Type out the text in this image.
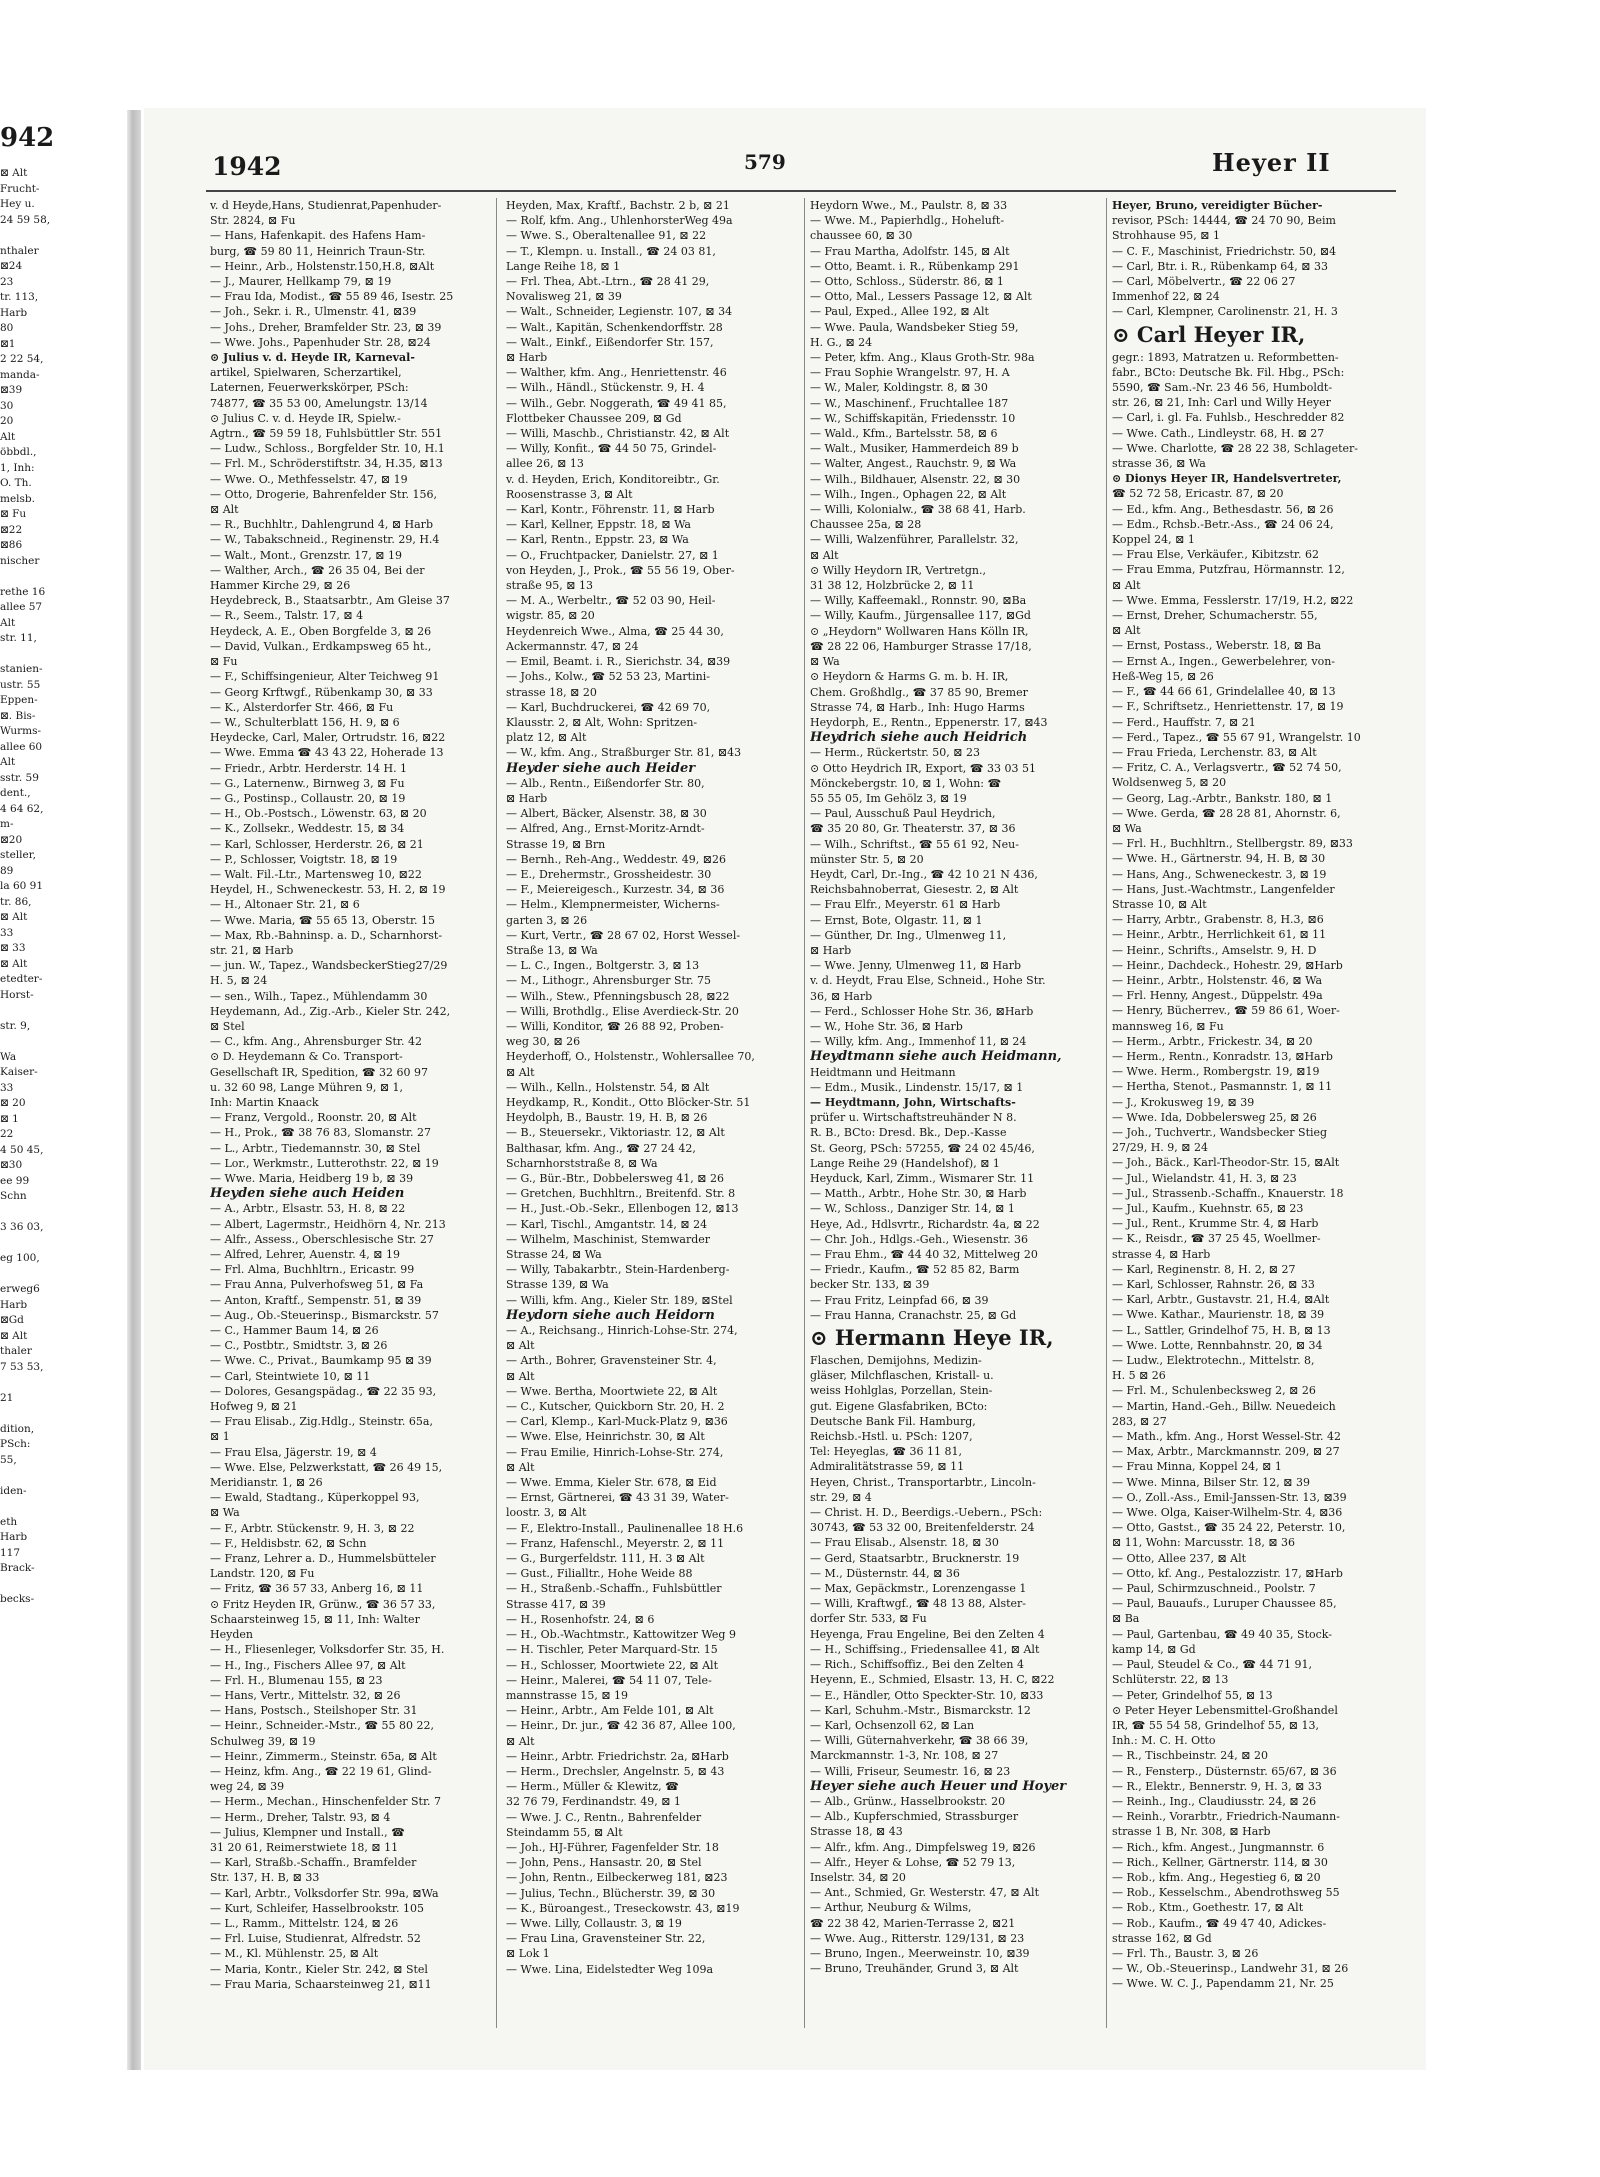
942
⊠ Alt
Frucht-
Hey u.
24 59 58,
nthaler
⊠24
23
tr. 113,
Harb
80
⊠1
2 22 54,
manda-
⊠39
30
20
Alt
öbbdl.,
1, Inh:
O. Th.
melsb.
⊠ Fu
⊠22
⊠86
nischer
rethe 16
allee 57
Alt
str. 11,
stanien-
ustr. 55
Eppen-
⊠. Bis-
Wurms-
allee 60
Alt
sstr. 59
dent.,
4 64 62,
m-
⊠20
steller,
89
la 60 91
tr. 86,
⊠ Alt
33
⊠ 33
⊠ Alt
etedter-
Horst-
str. 9,
Wa
Kaiser-
33
⊠ 20
⊠ 1
22
4 50 45,
⊠30
ee 99
Schn
3 36 03,
eg 100,
erweg6
Harb
⊠Gd
⊠ Alt
thaler
7 53 53,
21
dition,
PSch:
55,
iden-
eth
Harb
117
Brack-
becks-
1942	579	Heyer II
v. d Heyde,Hans, Studienrat,Papenhuder-
Str. 2824, ⊠ Fu
— Hans, Hafenkapit. des Hafens Ham-
burg, ☎ 59 80 11, Heinrich Traun-Str.
— Heinr., Arb., Holstenstr.150,H.8, ⊠Alt
— J., Maurer, Hellkamp 79, ⊠ 19
— Frau Ida, Modist., ☎ 55 89 46, Isestr. 25
— Joh., Sekr. i. R., Ulmenstr. 41, ⊠39
— Johs., Dreher, Bramfelder Str. 23, ⊠ 39
— Wwe. Johs., Papenhuder Str. 28, ⊠24
⊙ Julius v. d. Heyde IR, Karneval-
artikel, Spielwaren, Scherzartikel,
Laternen, Feuerwerkskörper, PSch:
74877, ☎ 35 53 00, Amelungstr. 13/14
⊙ Julius C. v. d. Heyde IR, Spielw.-
Agtrn., ☎ 59 59 18, Fuhlsbüttler Str. 551
— Ludw., Schloss., Borgfelder Str. 10, H.1
— Frl. M., Schröderstiftstr. 34, H.35, ⊠13
— Wwe. O., Methfesselstr. 47, ⊠ 19
— Otto, Drogerie, Bahrenfelder Str. 156,
⊠ Alt
— R., Buchhltr., Dahlengrund 4, ⊠ Harb
— W., Tabakschneid., Reginenstr. 29, H.4
— Walt., Mont., Grenzstr. 17, ⊠ 19
— Walther, Arch., ☎ 26 35 04, Bei der
Hammer Kirche 29, ⊠ 26
Heydebreck, B., Staatsarbtr., Am Gleise 37
— R., Seem., Talstr. 17, ⊠ 4
Heydeck, A. E., Oben Borgfelde 3, ⊠ 26
— David, Vulkan., Erdkampsweg 65 ht.,
⊠ Fu
— F., Schiffsingenieur, Alter Teichweg 91
— Georg Krftwgf., Rübenkamp 30, ⊠ 33
— K., Alsterdorfer Str. 466, ⊠ Fu
— W., Schulterblatt 156, H. 9, ⊠ 6
Heydecke, Carl, Maler, Ortrudstr. 16, ⊠22
— Wwe. Emma ☎ 43 43 22, Hoherade 13
— Friedr., Arbtr. Herderstr. 14 H. 1
— G., Laternenw., Birnweg 3, ⊠ Fu
— G., Postinsp., Collaustr. 20, ⊠ 19
— H., Ob.-Postsch., Löwenstr. 63, ⊠ 20
— K., Zollsekr., Weddestr. 15, ⊠ 34
— Karl, Schlosser, Herderstr. 26, ⊠ 21
— P., Schlosser, Voigtstr. 18, ⊠ 19
— Walt. Fil.-Ltr., Martensweg 10, ⊠22
Heydel, H., Schweneckestr. 53, H. 2, ⊠ 19
— H., Altonaer Str. 21, ⊠ 6
— Wwe. Maria, ☎ 55 65 13, Oberstr. 15
— Max, Rb.-Bahninsp. a. D., Scharnhorst-
str. 21, ⊠ Harb
— jun. W., Tapez., WandsbeckerStieg27/29
H. 5, ⊠ 24
— sen., Wilh., Tapez., Mühlendamm 30
Heydemann, Ad., Zig.-Arb., Kieler Str. 242,
⊠ Stel
— C., kfm. Ang., Ahrensburger Str. 42
⊙ D. Heydemann & Co. Transport-
Gesellschaft IR, Spedition, ☎ 32 60 97
u. 32 60 98, Lange Mühren 9, ⊠ 1,
Inh: Martin Knaack
— Franz, Vergold., Roonstr. 20, ⊠ Alt
— H., Prok., ☎ 38 76 83, Slomanstr. 27
— L., Arbtr., Tiedemannstr. 30, ⊠ Stel
— Lor., Werkmstr., Lutterothstr. 22, ⊠ 19
— Wwe. Maria, Heidberg 19 b, ⊠ 39
Heyden siehe auch Heiden
— A., Arbtr., Elsastr. 53, H. 8, ⊠ 22
— Albert, Lagermstr., Heidhörn 4, Nr. 213
— Alfr., Assess., Oberschlesische Str. 27
— Alfred, Lehrer, Auenstr. 4, ⊠ 19
— Frl. Alma, Buchhltrn., Ericastr. 99
— Frau Anna, Pulverhofsweg 51, ⊠ Fa
— Anton, Kraftf., Sempenstr. 51, ⊠ 39
— Aug., Ob.-Steuerinsp., Bismarckstr. 57
— C., Hammer Baum 14, ⊠ 26
— C., Postbtr., Smidtstr. 3, ⊠ 26
— Wwe. C., Privat., Baumkamp 95 ⊠ 39
— Carl, Steintwiete 10, ⊠ 11
— Dolores, Gesangspädag., ☎ 22 35 93,
Hofweg 9, ⊠ 21
— Frau Elisab., Zig.Hdlg., Steinstr. 65a,
⊠ 1
— Frau Elsa, Jägerstr. 19, ⊠ 4
— Wwe. Else, Pelzwerkstatt, ☎ 26 49 15,
Meridianstr. 1, ⊠ 26
— Ewald, Stadtang., Küperkoppel 93,
⊠ Wa
— F., Arbtr. Stückenstr. 9, H. 3, ⊠ 22
— F., Heldisbstr. 62, ⊠ Schn
— Franz, Lehrer a. D., Hummelsbütteler
Landstr. 120, ⊠ Fu
— Fritz, ☎ 36 57 33, Anberg 16, ⊠ 11
⊙ Fritz Heyden IR, Grünw., ☎ 36 57 33,
Schaarsteinweg 15, ⊠ 11, Inh: Walter
Heyden
— H., Fliesenleger, Volksdorfer Str. 35, H.
— H., Ing., Fischers Allee 97, ⊠ Alt
— Frl. H., Blumenau 155, ⊠ 23
— Hans, Vertr., Mittelstr. 32, ⊠ 26
— Hans, Postsch., Steilshoper Str. 31
— Heinr., Schneider.-Mstr., ☎ 55 80 22,
Schulweg 39, ⊠ 19
— Heinr., Zimmerm., Steinstr. 65a, ⊠ Alt
— Heinz, kfm. Ang., ☎ 22 19 61, Glind-
weg 24, ⊠ 39
— Herm., Mechan., Hinschenfelder Str. 7
— Herm., Dreher, Talstr. 93, ⊠ 4
— Julius, Klempner und Install., ☎
31 20 61, Reimerstwiete 18, ⊠ 11
— Karl, Straßb.-Schaffn., Bramfelder
Str. 137, H. B, ⊠ 33
— Karl, Arbtr., Volksdorfer Str. 99a, ⊠Wa
— Kurt, Schleifer, Hasselbrookstr. 105
— L., Ramm., Mittelstr. 124, ⊠ 26
— Frl. Luise, Studienrat, Alfredstr. 52
— M., Kl. Mühlenstr. 25, ⊠ Alt
— Maria, Kontr., Kieler Str. 242, ⊠ Stel
— Frau Maria, Schaarsteinweg 21, ⊠11
Heyden, Max, Kraftf., Bachstr. 2 b, ⊠ 21
— Rolf, kfm. Ang., UhlenhorsterWeg 49a
— Wwe. S., Oberaltenallee 91, ⊠ 22
— T., Klempn. u. Install., ☎ 24 03 81,
Lange Reihe 18, ⊠ 1
— Frl. Thea, Abt.-Ltrn., ☎ 28 41 29,
Novalisweg 21, ⊠ 39
— Walt., Schneider, Legienstr. 107, ⊠ 34
— Walt., Kapitän, Schenkendorffstr. 28
— Walt., Einkf., Eißendorfer Str. 157,
⊠ Harb
— Walther, kfm. Ang., Henriettenstr. 46
— Wilh., Händl., Stückenstr. 9, H. 4
— Wilh., Gebr. Noggerath, ☎ 49 41 85,
Flottbeker Chaussee 209, ⊠ Gd
— Willi, Maschb., Christianstr. 42, ⊠ Alt
— Willy, Konfit., ☎ 44 50 75, Grindel-
allee 26, ⊠ 13
v. d. Heyden, Erich, Konditoreibtr., Gr.
Roosenstrasse 3, ⊠ Alt
— Karl, Kontr., Föhrenstr. 11, ⊠ Harb
— Karl, Kellner, Eppstr. 18, ⊠ Wa
— Karl, Rentn., Eppstr. 23, ⊠ Wa
— O., Fruchtpacker, Danielstr. 27, ⊠ 1
von Heyden, J., Prok., ☎ 55 56 19, Ober-
straße 95, ⊠ 13
— M. A., Werbeltr., ☎ 52 03 90, Heil-
wigstr. 85, ⊠ 20
Heydenreich Wwe., Alma, ☎ 25 44 30,
Ackermannstr. 47, ⊠ 24
— Emil, Beamt. i. R., Sierichstr. 34, ⊠39
— Johs., Kolw., ☎ 52 53 23, Martini-
strasse 18, ⊠ 20
— Karl, Buchdruckerei, ☎ 42 69 70,
Klausstr. 2, ⊠ Alt, Wohn: Spritzen-
platz 12, ⊠ Alt
— W., kfm. Ang., Straßburger Str. 81, ⊠43
Heyder siehe auch Heider
— Alb., Rentn., Eißendorfer Str. 80,
⊠ Harb
— Albert, Bäcker, Alsenstr. 38, ⊠ 30
— Alfred, Ang., Ernst-Moritz-Arndt-
Strasse 19, ⊠ Brn
— Bernh., Reh-Ang., Weddestr. 49, ⊠26
— E., Drehermstr., Grossheidestr. 30
— F., Meiereigesch., Kurzestr. 34, ⊠ 36
— Helm., Klempnermeister, Wicherns-
garten 3, ⊠ 26
— Kurt, Vertr., ☎ 28 67 02, Horst Wessel-
Straße 13, ⊠ Wa
— L. C., Ingen., Boltgerstr. 3, ⊠ 13
— M., Lithogr., Ahrensburger Str. 75
— Wilh., Stew., Pfenningsbusch 28, ⊠22
— Willi, Brothdlg., Elise Averdieck-Str. 20
— Willi, Konditor, ☎ 26 88 92, Proben-
weg 30, ⊠ 26
Heyderhoff, O., Holstenstr., Wohlersallee 70,
⊠ Alt
— Wilh., Kelln., Holstenstr. 54, ⊠ Alt
Heydkamp, R., Kondit., Otto Blöcker-Str. 51
Heydolph, B., Baustr. 19, H. B, ⊠ 26
— B., Steuersekr., Viktoriastr. 12, ⊠ Alt
Balthasar, kfm. Ang., ☎ 27 24 42,
Scharnhorststraße 8, ⊠ Wa
— G., Bür.-Btr., Dobbelersweg 41, ⊠ 26
— Gretchen, Buchhltrn., Breitenfd. Str. 8
— H., Just.-Ob.-Sekr., Ellenbogen 12, ⊠13
— Karl, Tischl., Amgantstr. 14, ⊠ 24
— Wilhelm, Maschinist, Stemwarder
Strasse 24, ⊠ Wa
— Willy, Tabakarbtr., Stein-Hardenberg-
Strasse 139, ⊠ Wa
— Willi, kfm. Ang., Kieler Str. 189, ⊠Stel
Heydorn siehe auch Heidorn
— A., Reichsang., Hinrich-Lohse-Str. 274,
⊠ Alt
— Arth., Bohrer, Gravensteiner Str. 4,
⊠ Alt
— Wwe. Bertha, Moortwiete 22, ⊠ Alt
— C., Kutscher, Quickborn Str. 20, H. 2
— Carl, Klemp., Karl-Muck-Platz 9, ⊠36
— Wwe. Else, Heinrichstr. 30, ⊠ Alt
— Frau Emilie, Hinrich-Lohse-Str. 274,
⊠ Alt
— Wwe. Emma, Kieler Str. 678, ⊠ Eid
— Ernst, Gärtnerei, ☎ 43 31 39, Water-
loostr. 3, ⊠ Alt
— F., Elektro-Install., Paulinenallee 18 H.6
— Franz, Hafenschl., Meyerstr. 2, ⊠ 11
— G., Burgerfeldstr. 111, H. 3 ⊠ Alt
— Gust., Filialltr., Hohe Weide 88
— H., Straßenb.-Schaffn., Fuhlsbüttler
Strasse 417, ⊠ 39
— H., Rosenhofstr. 24, ⊠ 6
— H., Ob.-Wachtmstr., Kattowitzer Weg 9
— H. Tischler, Peter Marquard-Str. 15
— H., Schlosser, Moortwiete 22, ⊠ Alt
— Heinr., Malerei, ☎ 54 11 07, Tele-
mannstrasse 15, ⊠ 19
— Heinr., Arbtr., Am Felde 101, ⊠ Alt
— Heinr., Dr. jur., ☎ 42 36 87, Allee 100,
⊠ Alt
— Heinr., Arbtr. Friedrichstr. 2a, ⊠Harb
— Herm., Drechsler, Angelnstr. 5, ⊠ 43
— Herm., Müller & Klewitz, ☎
32 76 79, Ferdinandstr. 49, ⊠ 1
— Wwe. J. C., Rentn., Bahrenfelder
Steindamm 55, ⊠ Alt
— Joh., HJ-Führer, Fagenfelder Str. 18
— John, Pens., Hansastr. 20, ⊠ Stel
— John, Rentn., Eilbeckerweg 181, ⊠23
— Julius, Techn., Blücherstr. 39, ⊠ 30
— K., Büroangest., Treseckowstr. 43, ⊠19
— Wwe. Lilly, Collaustr. 3, ⊠ 19
— Frau Lina, Gravensteiner Str. 22,
⊠ Lok 1
— Wwe. Lina, Eidelstedter Weg 109a
Heydorn Wwe., M., Paulstr. 8, ⊠ 33
— Wwe. M., Papierhdlg., Hoheluft-
chaussee 60, ⊠ 30
— Frau Martha, Adolfstr. 145, ⊠ Alt
— Otto, Beamt. i. R., Rübenkamp 291
— Otto, Schloss., Süderstr. 86, ⊠ 1
— Otto, Mal., Lessers Passage 12, ⊠ Alt
— Paul, Exped., Allee 192, ⊠ Alt
— Wwe. Paula, Wandsbeker Stieg 59,
H. G., ⊠ 24
— Peter, kfm. Ang., Klaus Groth-Str. 98a
— Frau Sophie Wrangelstr. 97, H. A
— W., Maler, Koldingstr. 8, ⊠ 30
— W., Maschinenf., Fruchtallee 187
— W., Schiffskapitän, Friedensstr. 10
— Wald., Kfm., Bartelsstr. 58, ⊠ 6
— Walt., Musiker, Hammerdeich 89 b
— Walter, Angest., Rauchstr. 9, ⊠ Wa
— Wilh., Bildhauer, Alsenstr. 22, ⊠ 30
— Wilh., Ingen., Ophagen 22, ⊠ Alt
— Willi, Kolonialw., ☎ 38 68 41, Harb.
Chaussee 25a, ⊠ 28
— Willi, Walzenführer, Parallelstr. 32,
⊠ Alt
⊙ Willy Heydorn IR, Vertretgn.,
31 38 12, Holzbrücke 2, ⊠ 11
— Willy, Kaffeemakl., Ronnstr. 90, ⊠Ba
— Willy, Kaufm., Jürgensallee 117, ⊠Gd
⊙ „Heydorn" Wollwaren Hans Kölln IR,
☎ 28 22 06, Hamburger Strasse 17/18,
⊠ Wa
⊙ Heydorn & Harms G. m. b. H. IR,
Chem. Großhdlg., ☎ 37 85 90, Bremer
Strasse 74, ⊠ Harb., Inh: Hugo Harms
Heydorph, E., Rentn., Eppenerstr. 17, ⊠43
Heydrich siehe auch Heidrich
— Herm., Rückertstr. 50, ⊠ 23
⊙ Otto Heydrich IR, Export, ☎ 33 03 51
Mönckebergstr. 10, ⊠ 1, Wohn: ☎
55 55 05, Im Gehölz 3, ⊠ 19
— Paul, Ausschuß Paul Heydrich,
☎ 35 20 80, Gr. Theaterstr. 37, ⊠ 36
— Wilh., Schriftst., ☎ 55 61 92, Neu-
münster Str. 5, ⊠ 20
Heydt, Carl, Dr.-Ing., ☎ 42 10 21 N 436,
Reichsbahnoberrat, Giesestr. 2, ⊠ Alt
— Frau Elfr., Meyerstr. 61 ⊠ Harb
— Ernst, Bote, Olgastr. 11, ⊠ 1
— Günther, Dr. Ing., Ulmenweg 11,
⊠ Harb
— Wwe. Jenny, Ulmenweg 11, ⊠ Harb
v. d. Heydt, Frau Else, Schneid., Hohe Str.
36, ⊠ Harb
— Ferd., Schlosser Hohe Str. 36, ⊠Harb
— W., Hohe Str. 36, ⊠ Harb
— Willy, kfm. Ang., Immenhof 11, ⊠ 24
Heydtmann siehe auch Heidmann,
Heidtmann und Heitmann
— Edm., Musik., Lindenstr. 15/17, ⊠ 1
— Heydtmann, John, Wirtschafts-
prüfer u. Wirtschaftstreuhänder N 8.
R. B., BCto: Dresd. Bk., Dep.-Kasse
St. Georg, PSch: 57255, ☎ 24 02 45/46,
Lange Reihe 29 (Handelshof), ⊠ 1
Heyduck, Karl, Zimm., Wismarer Str. 11
— Matth., Arbtr., Hohe Str. 30, ⊠ Harb
— W., Schloss., Danziger Str. 14, ⊠ 1
Heye, Ad., Hdlsvrtr., Richardstr. 4a, ⊠ 22
— Chr. Joh., Hdlgs.-Geh., Wiesenstr. 36
— Frau Ehm., ☎ 44 40 32, Mittelweg 20
— Friedr., Kaufm., ☎ 52 85 82, Barm
becker Str. 133, ⊠ 39
— Frau Fritz, Leinpfad 66, ⊠ 39
— Frau Hanna, Cranachstr. 25, ⊠ Gd
⊙ Hermann Heye IR,
Flaschen, Demijohns, Medizin-
gläser, Milchflaschen, Kristall- u.
weiss Hohlglas, Porzellan, Stein-
gut. Eigene Glasfabriken, BCto:
Deutsche Bank Fil. Hamburg,
Reichsb.-Hstl. u. PSch: 1207,
Tel: Heyeglas, ☎ 36 11 81,
Admiralitätstrasse 59, ⊠ 11
Heyen, Christ., Transportarbtr., Lincoln-
str. 29, ⊠ 4
— Christ. H. D., Beerdigs.-Uebern., PSch:
30743, ☎ 53 32 00, Breitenfelderstr. 24
— Frau Elisab., Alsenstr. 18, ⊠ 30
— Gerd, Staatsarbtr., Brucknerstr. 19
— M., Düsternstr. 44, ⊠ 36
— Max, Gepäckmstr., Lorenzengasse 1
— Willi, Kraftwgf., ☎ 48 13 88, Alster-
dorfer Str. 533, ⊠ Fu
Heyenga, Frau Engeline, Bei den Zelten 4
— H., Schiffsing., Friedensallee 41, ⊠ Alt
— Rich., Schiffsoffiz., Bei den Zelten 4
Heyenn, E., Schmied, Elsastr. 13, H. C, ⊠22
— E., Händler, Otto Speckter-Str. 10, ⊠33
— Karl, Schuhm.-Mstr., Bismarckstr. 12
— Karl, Ochsenzoll 62, ⊠ Lan
— Willi, Güternahverkehr, ☎ 38 66 39,
Marckmannstr. 1-3, Nr. 108, ⊠ 27
— Willi, Friseur, Seumestr. 16, ⊠ 23
Heyer siehe auch Heuer und Hoyer
— Alb., Grünw., Hasselbrookstr. 20
— Alb., Kupferschmied, Strassburger
Strasse 18, ⊠ 43
— Alfr., kfm. Ang., Dimpfelsweg 19, ⊠26
— Alfr., Heyer & Lohse, ☎ 52 79 13,
Inselstr. 34, ⊠ 20
— Ant., Schmied, Gr. Westerstr. 47, ⊠ Alt
— Arthur, Neuburg & Wilms,
☎ 22 38 42, Marien-Terrasse 2, ⊠21
— Wwe. Aug., Ritterstr. 129/131, ⊠ 23
— Bruno, Ingen., Meerweinstr. 10, ⊠39
— Bruno, Treuhänder, Grund 3, ⊠ Alt
Heyer, Bruno, vereidigter Bücher-
revisor, PSch: 14444, ☎ 24 70 90, Beim
Strohhause 95, ⊠ 1
— C. F., Maschinist, Friedrichstr. 50, ⊠4
— Carl, Btr. i. R., Rübenkamp 64, ⊠ 33
— Carl, Möbelvertr., ☎ 22 06 27
Immenhof 22, ⊠ 24
— Carl, Klempner, Carolinenstr. 21, H. 3
⊙ Carl Heyer IR,
gegr.: 1893, Matratzen u. Reformbetten-
fabr., BCto: Deutsche Bk. Fil. Hbg., PSch:
5590, ☎ Sam.-Nr. 23 46 56, Humboldt-
str. 26, ⊠ 21, Inh: Carl und Willy Heyer
— Carl, i. gl. Fa. Fuhlsb., Heschredder 82
— Wwe. Cath., Lindleystr. 68, H. ⊠ 27
— Wwe. Charlotte, ☎ 28 22 38, Schlageter-
strasse 36, ⊠ Wa
⊙ Dionys Heyer IR, Handelsvertreter,
☎ 52 72 58, Ericastr. 87, ⊠ 20
— Ed., kfm. Ang., Bethesdastr. 56, ⊠ 26
— Edm., Rchsb.-Betr.-Ass., ☎ 24 06 24,
Koppel 24, ⊠ 1
— Frau Else, Verkäufer., Kibitzstr. 62
— Frau Emma, Putzfrau, Hörmannstr. 12,
⊠ Alt
— Wwe. Emma, Fesslerstr. 17/19, H.2, ⊠22
— Ernst, Dreher, Schumacherstr. 55,
⊠ Alt
— Ernst, Postass., Weberstr. 18, ⊠ Ba
— Ernst A., Ingen., Gewerbelehrer, von-
Heß-Weg 15, ⊠ 26
— F., ☎ 44 66 61, Grindelallee 40, ⊠ 13
— F., Schriftsetz., Henriettenstr. 17, ⊠ 19
— Ferd., Hauffstr. 7, ⊠ 21
— Ferd., Tapez., ☎ 55 67 91, Wrangelstr. 10
— Frau Frieda, Lerchenstr. 83, ⊠ Alt
— Fritz, C. A., Verlagsvertr., ☎ 52 74 50,
Woldsenweg 5, ⊠ 20
— Georg, Lag.-Arbtr., Bankstr. 180, ⊠ 1
— Wwe. Gerda, ☎ 28 28 81, Ahornstr. 6,
⊠ Wa
— Frl. H., Buchhltrn., Stellbergstr. 89, ⊠33
— Wwe. H., Gärtnerstr. 94, H. B, ⊠ 30
— Hans, Ang., Schweneckestr. 3, ⊠ 19
— Hans, Just.-Wachtmstr., Langenfelder
Strasse 10, ⊠ Alt
— Harry, Arbtr., Grabenstr. 8, H.3, ⊠6
— Heinr., Arbtr., Herrlichkeit 61, ⊠ 11
— Heinr., Schrifts., Amselstr. 9, H. D
— Heinr., Dachdeck., Hohestr. 29, ⊠Harb
— Heinr., Arbtr., Holstenstr. 46, ⊠ Wa
— Frl. Henny, Angest., Düppelstr. 49a
— Henry, Bücherrev., ☎ 59 86 61, Woer-
mannsweg 16, ⊠ Fu
— Herm., Arbtr., Frickestr. 34, ⊠ 20
— Herm., Rentn., Konradstr. 13, ⊠Harb
— Wwe. Herm., Rombergstr. 19, ⊠19
— Hertha, Stenot., Pasmannstr. 1, ⊠ 11
— J., Krokusweg 19, ⊠ 39
— Wwe. Ida, Dobbelersweg 25, ⊠ 26
— Joh., Tuchvertr., Wandsbecker Stieg
27/29, H. 9, ⊠ 24
— Joh., Bäck., Karl-Theodor-Str. 15, ⊠Alt
— Jul., Wielandstr. 41, H. 3, ⊠ 23
— Jul., Strassenb.-Schaffn., Knauerstr. 18
— Jul., Kaufm., Kuehnstr. 65, ⊠ 23
— Jul., Rent., Krumme Str. 4, ⊠ Harb
— K., Reisdr., ☎ 37 25 45, Woellmer-
strasse 4, ⊠ Harb
— Karl, Reginenstr. 8, H. 2, ⊠ 27
— Karl, Schlosser, Rahnstr. 26, ⊠ 33
— Karl, Arbtr., Gustavstr. 21, H.4, ⊠Alt
— Wwe. Kathar., Maurienstr. 18, ⊠ 39
— L., Sattler, Grindelhof 75, H. B, ⊠ 13
— Wwe. Lotte, Rennbahnstr. 20, ⊠ 34
— Ludw., Elektrotechn., Mittelstr. 8,
H. 5 ⊠ 26
— Frl. M., Schulenbecksweg 2, ⊠ 26
— Martin, Hand.-Geh., Billw. Neuedeich
283, ⊠ 27
— Math., kfm. Ang., Horst Wessel-Str. 42
— Max, Arbtr., Marckmannstr. 209, ⊠ 27
— Frau Minna, Koppel 24, ⊠ 1
— Wwe. Minna, Bilser Str. 12, ⊠ 39
— O., Zoll.-Ass., Emil-Janssen-Str. 13, ⊠39
— Wwe. Olga, Kaiser-Wilhelm-Str. 4, ⊠36
— Otto, Gastst., ☎ 35 24 22, Peterstr. 10,
⊠ 11, Wohn: Marcusstr. 18, ⊠ 36
— Otto, Allee 237, ⊠ Alt
— Otto, kf. Ang., Pestalozzistr. 17, ⊠Harb
— Paul, Schirmzuschneid., Poolstr. 7
— Paul, Bauaufs., Luruper Chaussee 85,
⊠ Ba
— Paul, Gartenbau, ☎ 49 40 35, Stock-
kamp 14, ⊠ Gd
— Paul, Steudel & Co., ☎ 44 71 91,
Schlüterstr. 22, ⊠ 13
— Peter, Grindelhof 55, ⊠ 13
⊙ Peter Heyer Lebensmittel-Großhandel
IR, ☎ 55 54 58, Grindelhof 55, ⊠ 13,
Inh.: M. C. H. Otto
— R., Tischbeinstr. 24, ⊠ 20
— R., Fensterp., Düsternstr. 65/67, ⊠ 36
— R., Elektr., Bennerstr. 9, H. 3, ⊠ 33
— Reinh., Ing., Claudiusstr. 24, ⊠ 26
— Reinh., Vorarbtr., Friedrich-Naumann-
strasse 1 B, Nr. 308, ⊠ Harb
— Rich., kfm. Angest., Jungmannstr. 6
— Rich., Kellner, Gärtnerstr. 114, ⊠ 30
— Rob., kfm. Ang., Hegestieg 6, ⊠ 20
— Rob., Kesselschm., Abendrothsweg 55
— Rob., Ktm., Goethestr. 17, ⊠ Alt
— Rob., Kaufm., ☎ 49 47 40, Adickes-
strasse 162, ⊠ Gd
— Frl. Th., Baustr. 3, ⊠ 26
— W., Ob.-Steuerinsp., Landwehr 31, ⊠ 26
— Wwe. W. C. J., Papendamm 21, Nr. 25
